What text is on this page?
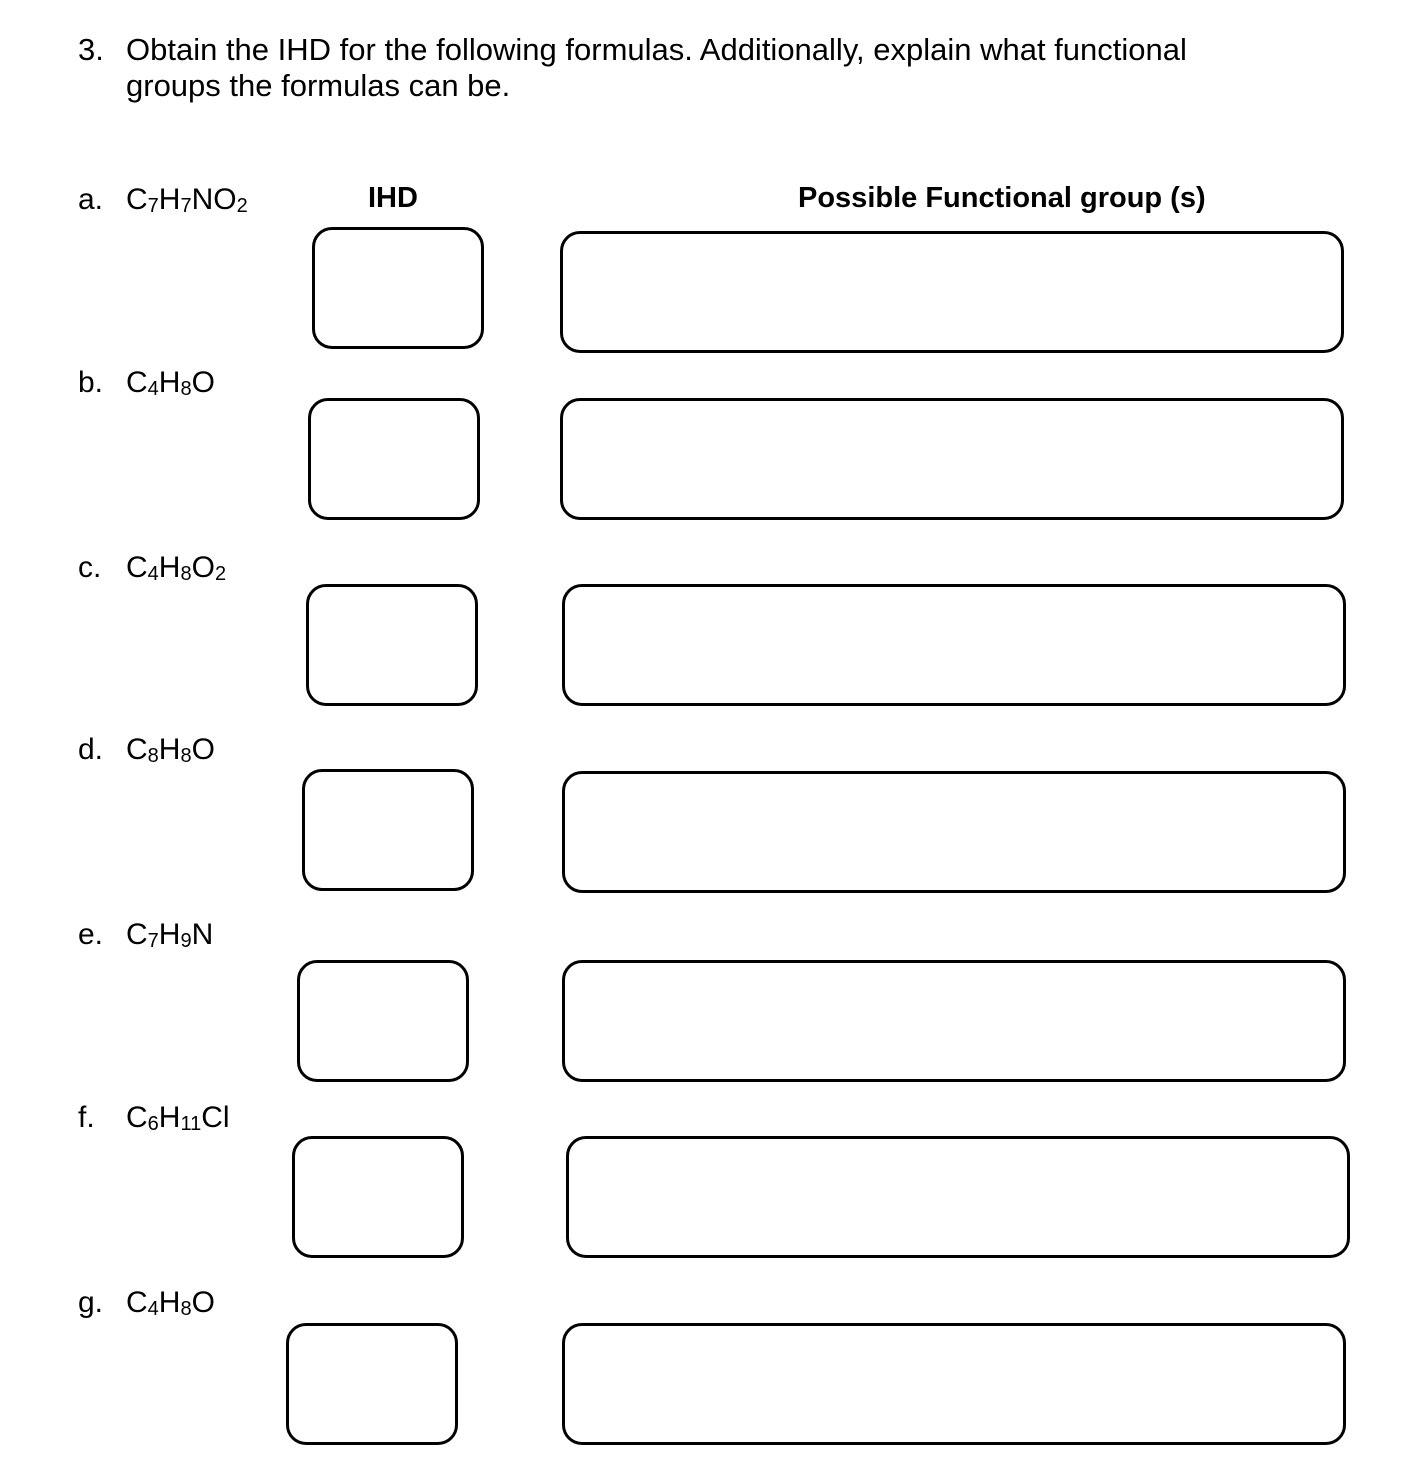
3. Obtain the IHD for the following formulas. Additionally, explain what functional groups the formulas can be.
IHD	Possible Functional group (s)
a. $C_7H_7NO_2$
b. $C_4H_8O$
c. $C_4H_8O_2$
d. $C_8H_8O$
e. $C_7H_9N$
f. $C_6H_{11}Cl$
g. $C_4H_8O$
